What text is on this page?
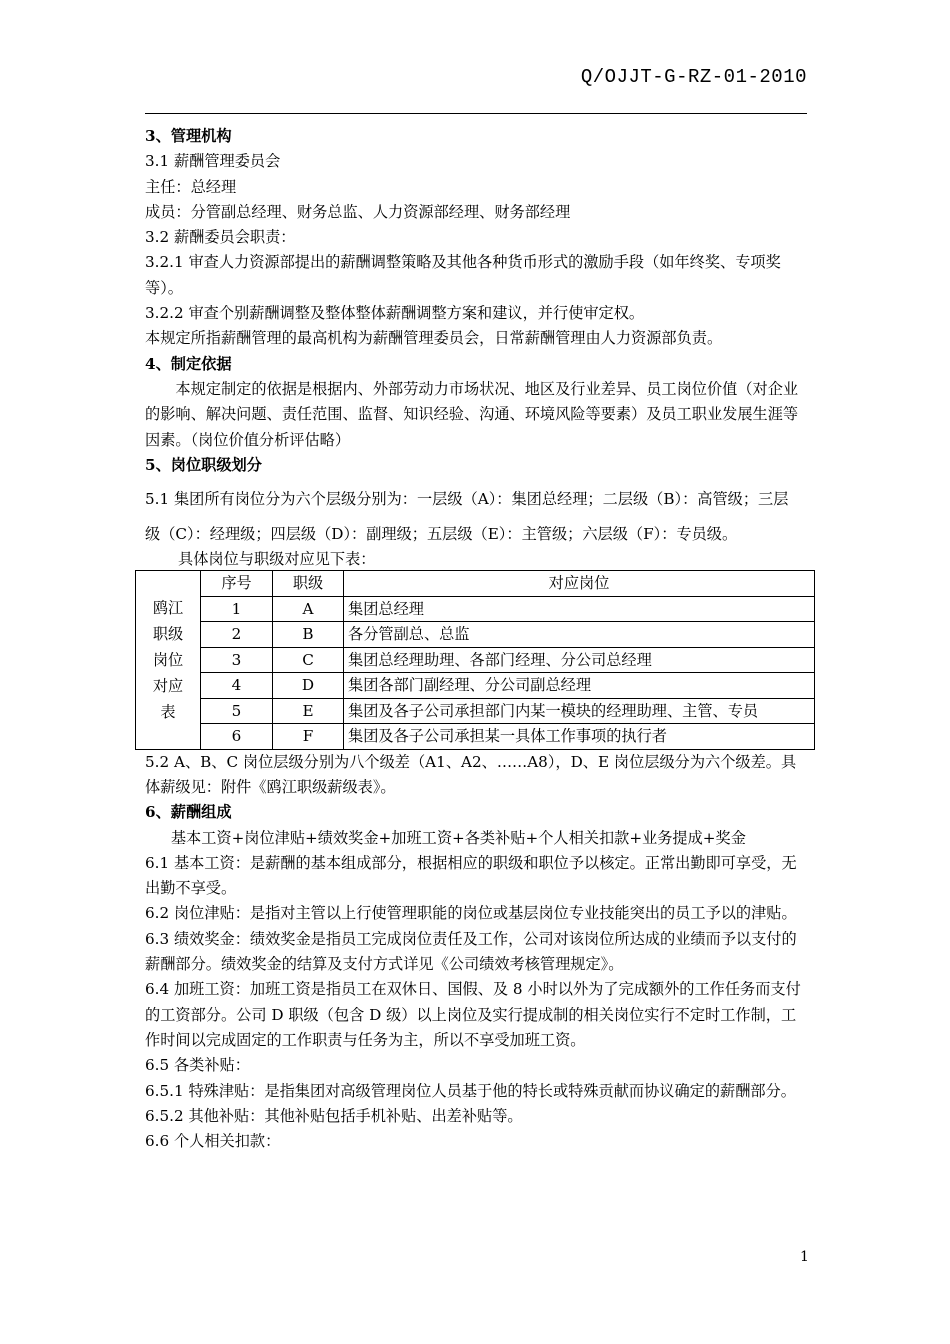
Q/OJJT-G-RZ-01-2010

3、管理机构

3.1 薪酬管理委员会

主任：总经理

成员：分管副总经理、财务总监、人力资源部经理、财务部经理

3.2 薪酬委员会职责：

3.2.1 审查人力资源部提出的薪酬调整策略及其他各种货币形式的激励手段（如年终奖、专项奖等）。

3.2.2 审查个别薪酬调整及整体整体薪酬调整方案和建议，并行使审定权。

本规定所指薪酬管理的最高机构为薪酬管理委员会，日常薪酬管理由人力资源部负责。

4、制定依据

本规定制定的依据是根据内、外部劳动力市场状况、地区及行业差异、员工岗位价值（对企业的影响、解决问题、责任范围、监督、知识经验、沟通、环境风险等要素）及员工职业发展生涯等因素。（岗位价值分析评估略）

5、岗位职级划分

5.1 集团所有岗位分为六个层级分别为：一层级（A）：集团总经理；二层级（B）：高管级；三层

级（C）：经理级；四层级（D）：副理级；五层级（E）：主管级；六层级（F）：专员级。

具体岗位与职级对应见下表：

鸥江
职级
岗位
对应
表	序号	职级	对应岗位
	1	A	集团总经理
	2	B	各分管副总、总监
	3	C	集团总经理助理、各部门经理、分公司总经理
	4	D	集团各部门副经理、分公司副总经理
	5	E	集团及各子公司承担部门内某一模块的经理助理、主管、专员
	6	F	集团及各子公司承担某一具体工作事项的执行者

5.2 A、B、C 岗位层级分别为八个级差（A1、A2、……A8），D、E 岗位层级分为六个级差。具体薪级见：附件《鸥江职级薪级表》。

6、薪酬组成

基本工资+岗位津贴+绩效奖金+加班工资+各类补贴+个人相关扣款+业务提成+奖金

6.1 基本工资：是薪酬的基本组成部分，根据相应的职级和职位予以核定。正常出勤即可享受，无出勤不享受。

6.2 岗位津贴：是指对主管以上行使管理职能的岗位或基层岗位专业技能突出的员工予以的津贴。

6.3 绩效奖金：绩效奖金是指员工完成岗位责任及工作，公司对该岗位所达成的业绩而予以支付的薪酬部分。绩效奖金的结算及支付方式详见《公司绩效考核管理规定》。

6.4 加班工资：加班工资是指员工在双休日、国假、及 8 小时以外为了完成额外的工作任务而支付的工资部分。公司 D 职级（包含 D 级）以上岗位及实行提成制的相关岗位实行不定时工作制，工作时间以完成固定的工作职责与任务为主，所以不享受加班工资。

6.5 各类补贴：

6.5.1 特殊津贴：是指集团对高级管理岗位人员基于他的特长或特殊贡献而协议确定的薪酬部分。

6.5.2 其他补贴：其他补贴包括手机补贴、出差补贴等。

6.6 个人相关扣款：

1
